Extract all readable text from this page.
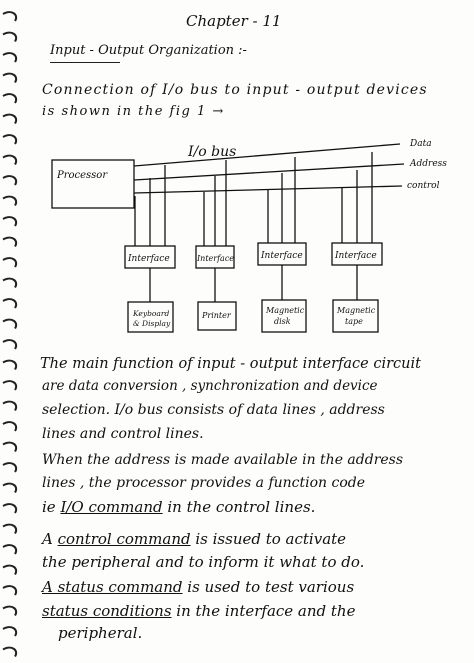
Chapter - 11
Input - Output Organization :-
Connection of I/o bus to input - output devices
is shown in the fig 1 →
Processor
I/o bus	Data
Address
control
Interface	Interface	Interface	Interface
Keyboard & Display
Printer
Magnetic disk
Magnetic tape
The main function of input - output interface circuit
are data conversion , synchronization and device
selection. I/o bus consists of data lines , address
lines and control lines.
When the address is made available in the address
lines , the processor provides a function code
ie I/O command in the control lines.
A control command is issued to activate
the peripheral and to inform it what to do.
A status command is used to test various
status conditions in the interface and the
peripheral.
